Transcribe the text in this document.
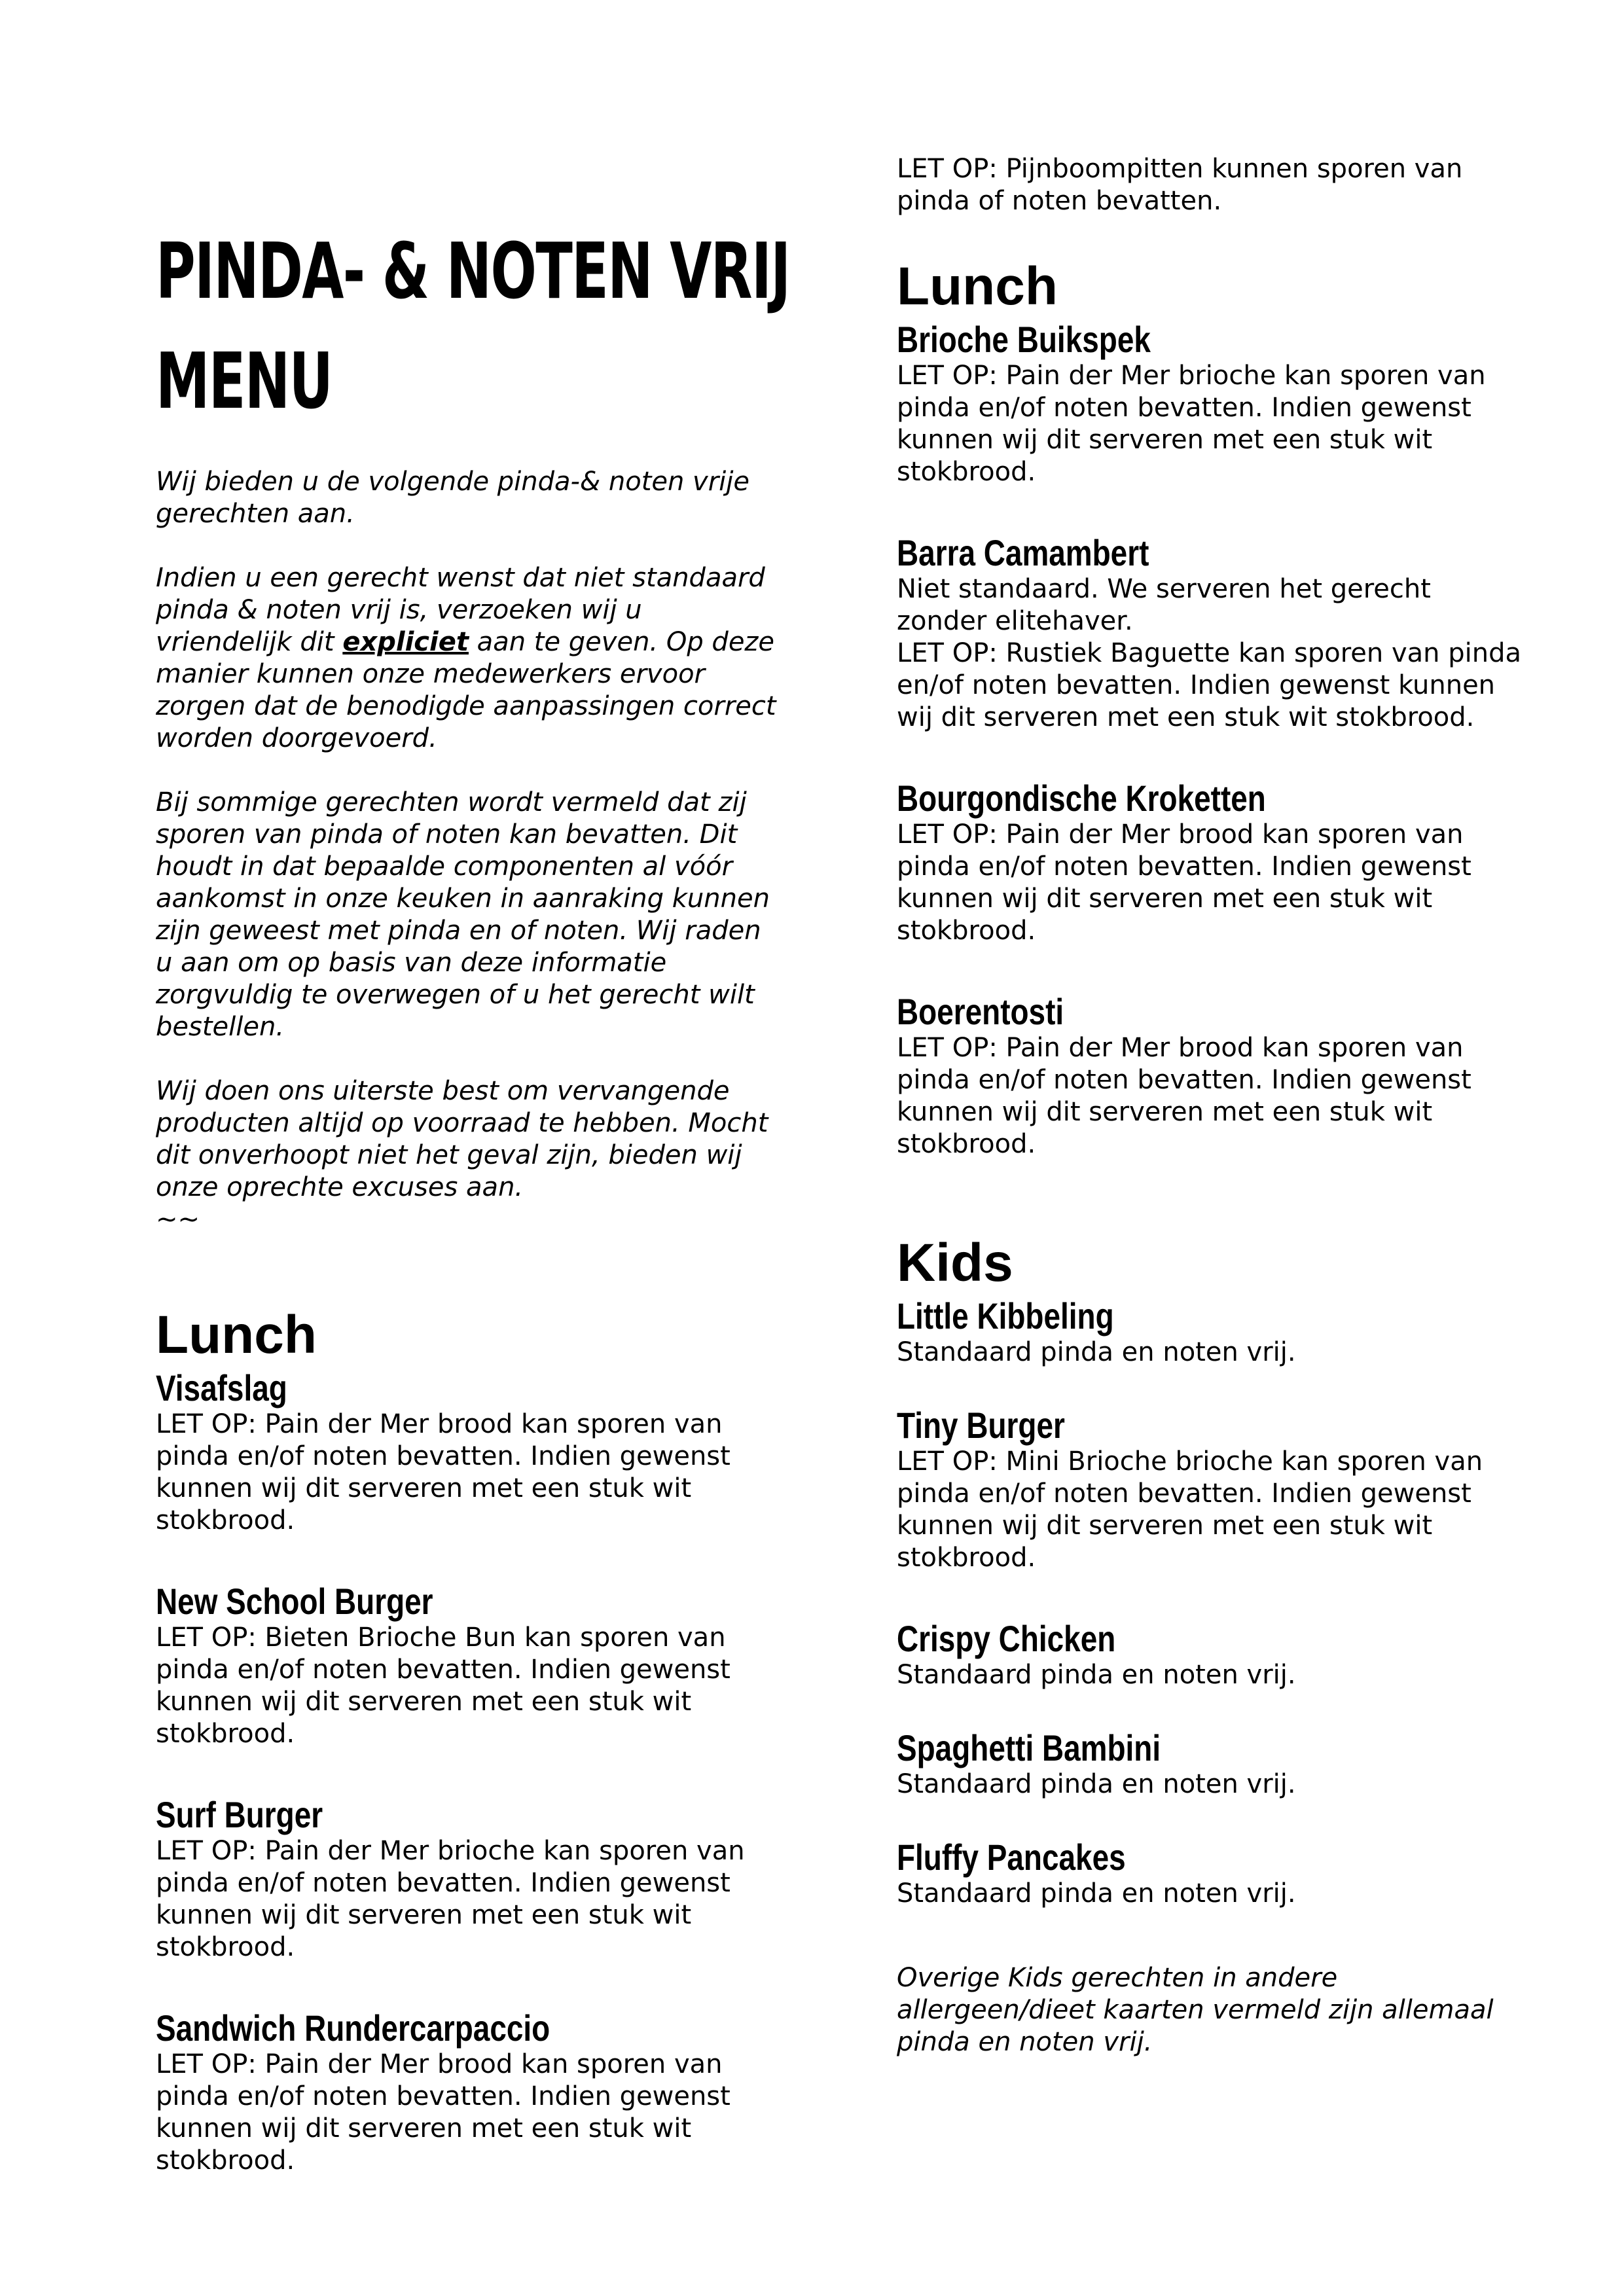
PINDA- & NOTEN VRIJ
MENU

Wij bieden u de volgende pinda-& noten vrije gerechten aan.

Indien u een gerecht wenst dat niet standaard pinda & noten vrij is, verzoeken wij u vriendelijk dit expliciet aan te geven. Op deze manier kunnen onze medewerkers ervoor zorgen dat de benodigde aanpassingen correct worden doorgevoerd.

Bij sommige gerechten wordt vermeld dat zij sporen van pinda of noten kan bevatten. Dit houdt in dat bepaalde componenten al vóór aankomst in onze keuken in aanraking kunnen zijn geweest met pinda en of noten. Wij raden u aan om op basis van deze informatie zorgvuldig te overwegen of u het gerecht wilt bestellen.

Wij doen ons uiterste best om vervangende producten altijd op voorraad te hebben. Mocht dit onverhoopt niet het geval zijn, bieden wij onze oprechte excuses aan.

~~

Lunch
Visafslag

LET OP: Pain der Mer brood kan sporen van pinda en/of noten bevatten. Indien gewenst kunnen wij dit serveren met een stuk wit stokbrood.

New School Burger

LET OP: Bieten Brioche Bun kan sporen van pinda en/of noten bevatten. Indien gewenst kunnen wij dit serveren met een stuk wit stokbrood.

Surf Burger

LET OP: Pain der Mer brioche kan sporen van pinda en/of noten bevatten. Indien gewenst kunnen wij dit serveren met een stuk wit stokbrood.

Sandwich Rundercarpaccio

LET OP: Pain der Mer brood kan sporen van pinda en/of noten bevatten. Indien gewenst kunnen wij dit serveren met een stuk wit stokbrood.

LET OP: Pijnboompitten kunnen sporen van pinda of noten bevatten.

Lunch
Brioche Buikspek

LET OP: Pain der Mer brioche kan sporen van pinda en/of noten bevatten. Indien gewenst kunnen wij dit serveren met een stuk wit stokbrood.

Barra Camambert

Niet standaard. We serveren het gerecht zonder elitehaver.
LET OP: Rustiek Baguette kan sporen van pinda en/of noten bevatten. Indien gewenst kunnen wij dit serveren met een stuk wit stokbrood.

Bourgondische Kroketten

LET OP: Pain der Mer brood kan sporen van pinda en/of noten bevatten. Indien gewenst kunnen wij dit serveren met een stuk wit stokbrood.

Boerentosti

LET OP: Pain der Mer brood kan sporen van pinda en/of noten bevatten. Indien gewenst kunnen wij dit serveren met een stuk wit stokbrood.

Kids
Little Kibbeling

Standaard pinda en noten vrij.

Tiny Burger

LET OP: Mini Brioche brioche kan sporen van pinda en/of noten bevatten. Indien gewenst kunnen wij dit serveren met een stuk wit stokbrood.

Crispy Chicken

Standaard pinda en noten vrij.

Spaghetti Bambini

Standaard pinda en noten vrij.

Fluffy Pancakes

Standaard pinda en noten vrij.

Overige Kids gerechten in andere allergeen/dieet kaarten vermeld zijn allemaal pinda en noten vrij.
